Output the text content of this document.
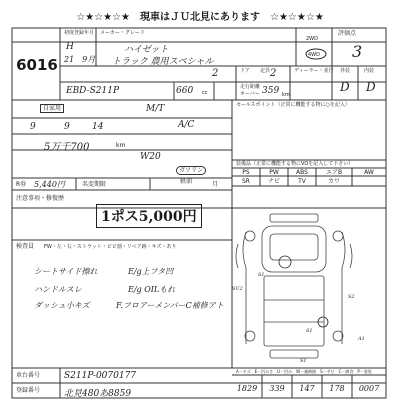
☆★☆★☆★　現車はＪＵ北見にあります　☆★☆★☆★
6016
初度登録年月 メーカー・グレード
H
21　9月
ハイゼット
トラック 農用スペシャル
2WD
4WD
評価点
3
外装	内装
D D
ドア
2	定員 2	ディーラー・並行
EBD-S211P	660 cc
走行距離
オーバー 359 km
自家用	M/T
A/C
9	9 14
5万千700	km
W20
ガソリン
軽油
セールスポイント（正常に機能する物に○を記入）
装備品（正常に機能する物にVOを記入して下さい）
PS	PW	ABS	エアB	AW
SR	ナビ	TV	カワ
R券 5,440円	名変期限	月
注意事項・修復歴
1ポス5,000円
検査員 FW・左・右・ストラット・ビビ割・リペア跡・キズ・あり
シートサイド擦れ
ハンドルスレ
ダッシュ小キズ
E/g上フタ凹
E/g OILもれ
F.フロアーメンバーC補修アト
S1
SU2
S2
S1
A1
S1
A－キズ　E－凹みさ　U－凹み　W－補修跡　S－サビ　C－腐食　P－塗装
車台番号	S211P-0070177
登録番号	北見480あ8859
1829	339	147	178	0007
